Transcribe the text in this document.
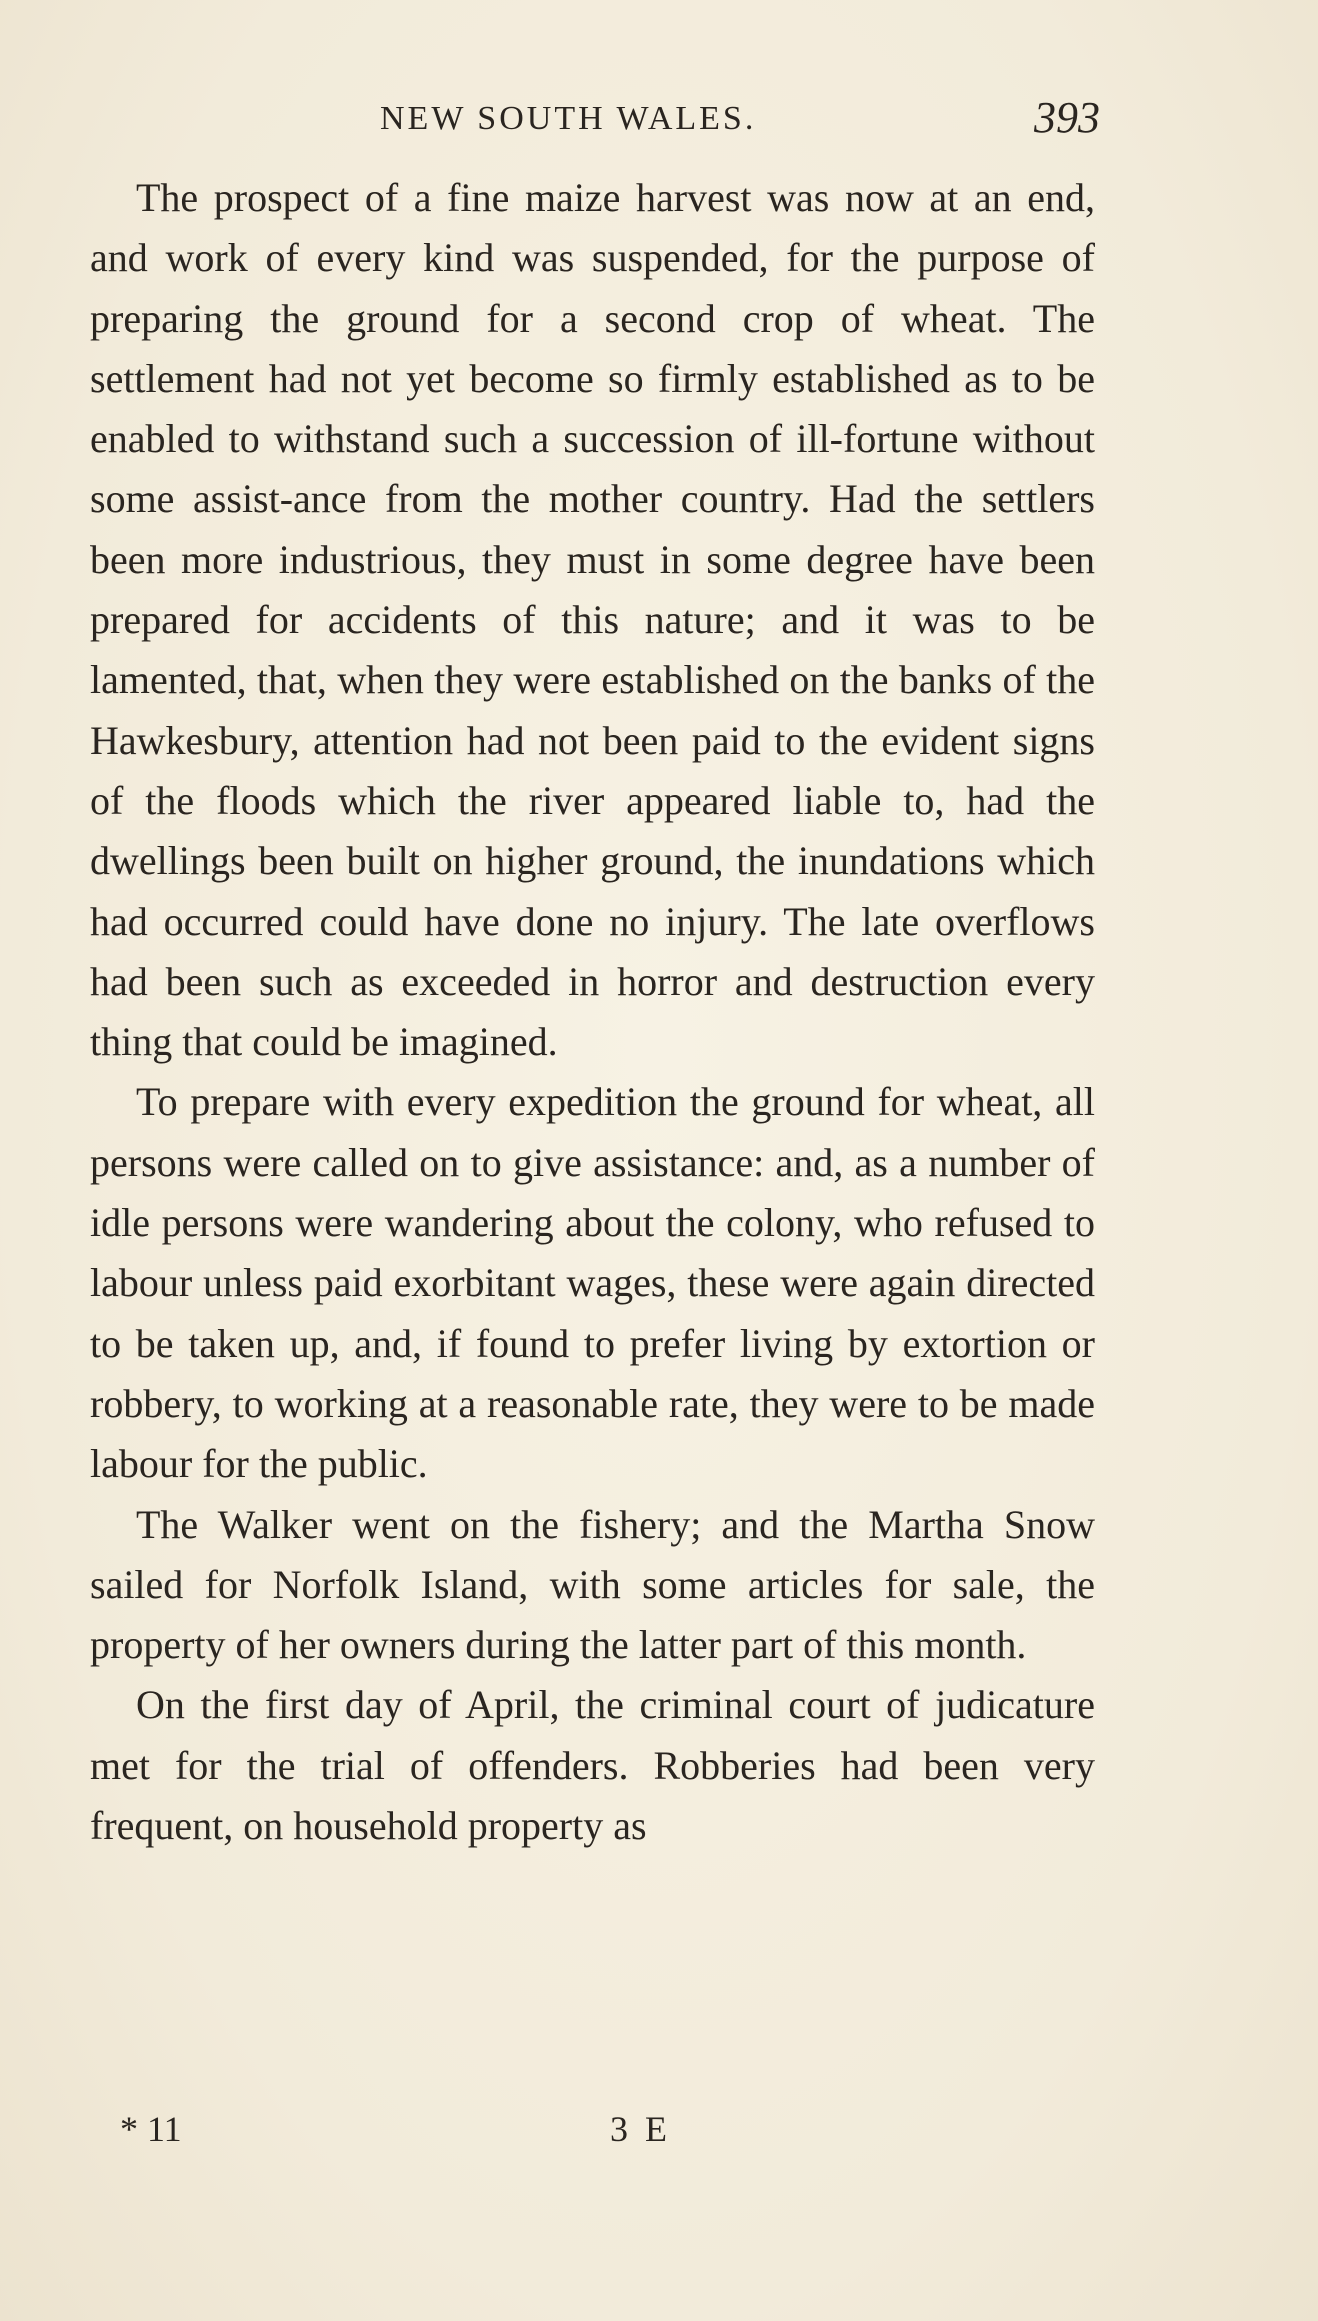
NEW SOUTH WALES.	393

The prospect of a fine maize harvest was now at an end, and work of every kind was suspended, for the purpose of preparing the ground for a second crop of wheat. The settlement had not yet become so firmly established as to be enabled to withstand such a succession of ill-fortune without some assist-ance from the mother country. Had the settlers been more industrious, they must in some degree have been prepared for accidents of this nature; and it was to be lamented, that, when they were established on the banks of the Hawkesbury, attention had not been paid to the evident signs of the floods which the river appeared liable to, had the dwellings been built on higher ground, the inundations which had occurred could have done no injury. The late overflows had been such as exceeded in horror and destruction every thing that could be imagined.

To prepare with every expedition the ground for wheat, all persons were called on to give assistance: and, as a number of idle persons were wandering about the colony, who refused to labour unless paid exorbitant wages, these were again directed to be taken up, and, if found to prefer living by extortion or robbery, to working at a reasonable rate, they were to be made labour for the public.

The Walker went on the fishery; and the Martha Snow sailed for Norfolk Island, with some articles for sale, the property of her owners during the latter part of this month.

On the first day of April, the criminal court of judicature met for the trial of offenders. Robberies had been very frequent, on household property as

* 11	3 E
